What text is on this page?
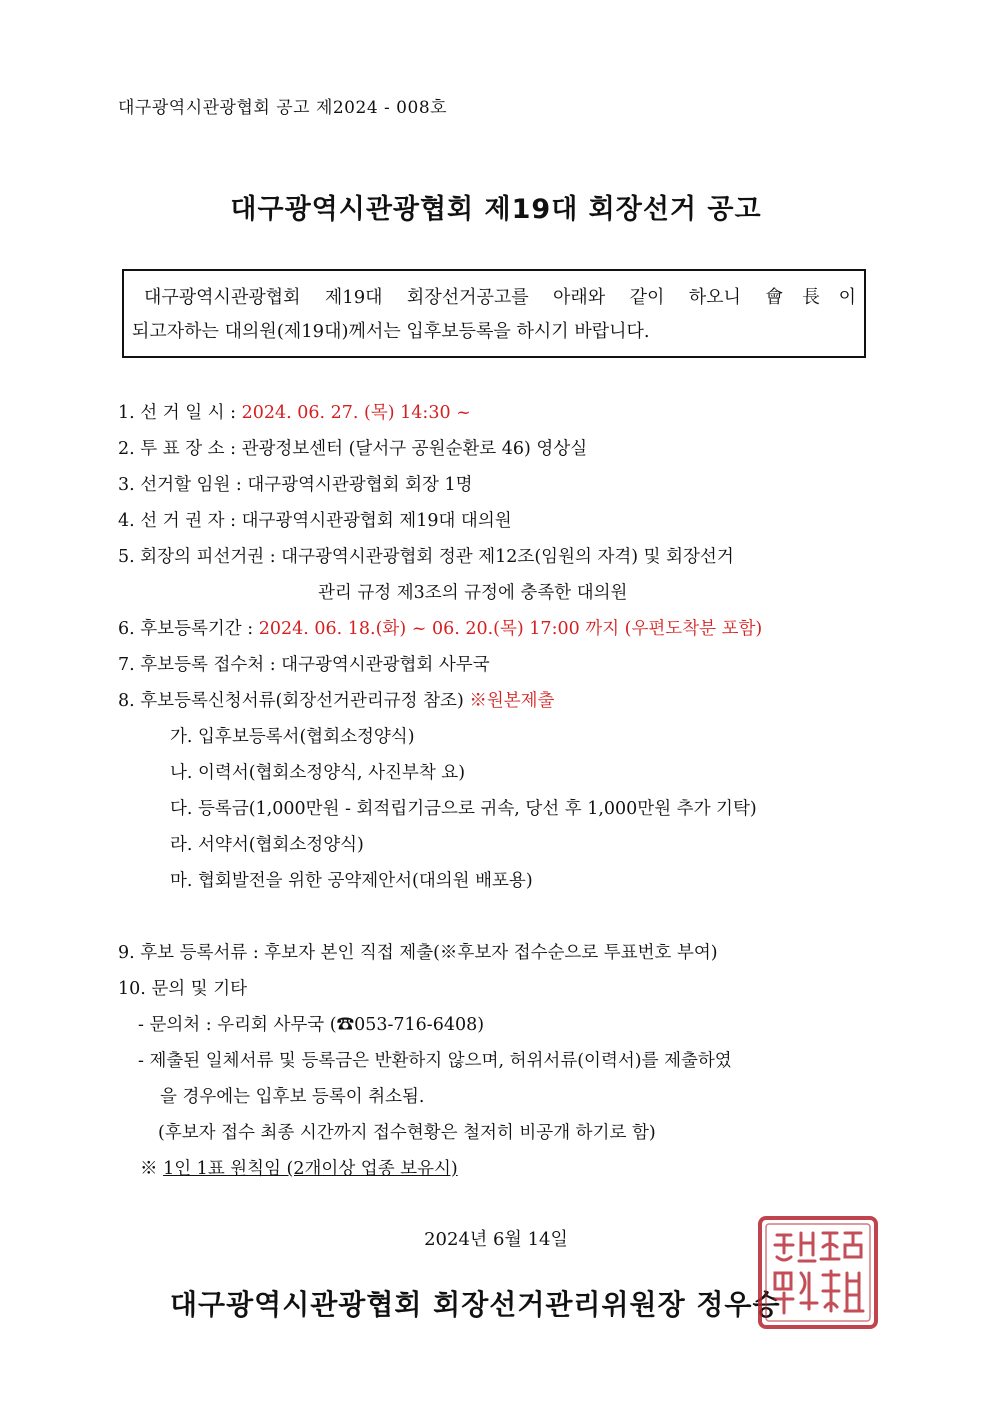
대구광역시관광협회 공고 제2024 - 008호
대구광역시관광협회 제19대 회장선거 공고
대구광역시관광협회 제19대 회장선거공고를 아래와 같이 하오니 會長이
되고자하는 대의원(제19대)께서는 입후보등록을 하시기 바랍니다.
1. 선 거 일 시 : 2024. 06. 27. (목) 14:30 ~
2. 투 표 장 소 : 관광정보센터 (달서구 공원순환로 46) 영상실
3. 선거할 임원 : 대구광역시관광협회 회장 1명
4. 선 거 권 자 : 대구광역시관광협회 제19대 대의원
5. 회장의 피선거권 : 대구광역시관광협회 정관 제12조(임원의 자격) 및 회장선거
관리 규정 제3조의 규정에 충족한 대의원
6. 후보등록기간 : 2024. 06. 18.(화) ~ 06. 20.(목) 17:00 까지 (우편도착분 포함)
7. 후보등록 접수처 : 대구광역시관광협회 사무국
8. 후보등록신청서류(회장선거관리규정 참조) ※원본제출
가. 입후보등록서(협회소정양식)
나. 이력서(협회소정양식, 사진부착 요)
다. 등록금(1,000만원 - 회적립기금으로 귀속, 당선 후 1,000만원 추가 기탁)
라. 서약서(협회소정양식)
마. 협회발전을 위한 공약제안서(대의원 배포용)
9. 후보 등록서류 : 후보자 본인 직접 제출(※후보자 접수순으로 투표번호 부여)
10. 문의 및 기타
- 문의처 : 우리회 사무국 (☎053-716-6408)
- 제출된 일체서류 및 등록금은 반환하지 않으며, 허위서류(이력서)를 제출하였
을 경우에는 입후보 등록이 취소됨.
(후보자 접수 최종 시간까지 접수현황은 철저히 비공개 하기로 함)
※ 1인 1표 원칙임 (2개이상 업종 보유시)
2024년 6월 14일
대구광역시관광협회 회장선거관리위원장 정우승
